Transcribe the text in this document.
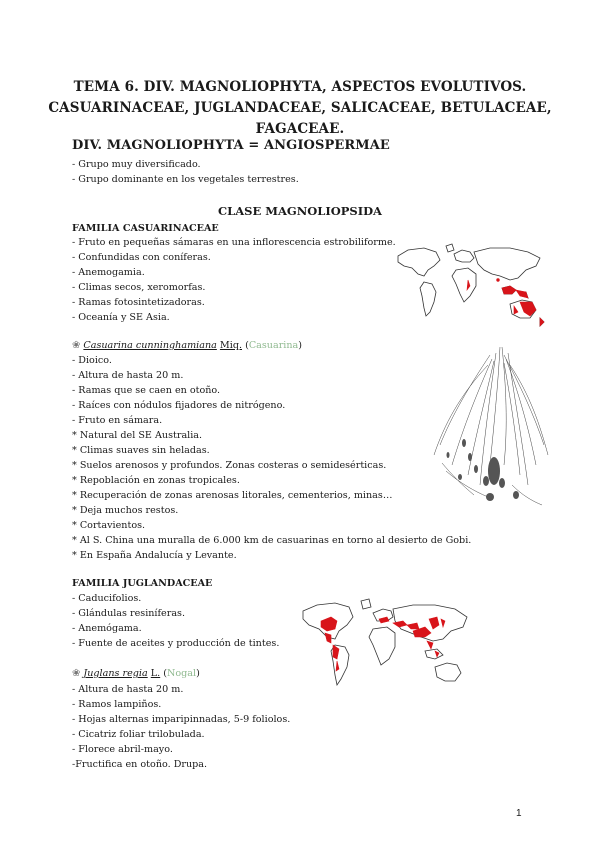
TEMA 6. DIV. MAGNOLIOPHYTA, ASPECTOS EVOLUTIVOS.
CASUARINACEAE, JUGLANDACEAE, SALICACEAE, BETULACEAE,
FAGACEAE.
DIV. MAGNOLIOPHYTA = ANGIOSPERMAE
- Grupo muy diversificado.
- Grupo dominante en los vegetales terrestres.
CLASE MAGNOLIOPSIDA
FAMILIA CASUARINACEAE
- Fruto en pequeñas sámaras en una inflorescencia estrobiliforme.
- Confundidas con coníferas.
- Anemogamia.
- Climas secos, xeromorfas.
- Ramas fotosintetizadoras.
- Oceanía y SE Asia.
❀ Casuarina cunninghamiana Miq. (Casuarina)
- Dioico.
- Altura de hasta 20 m.
- Ramas que se caen en otoño.
- Raíces con nódulos fijadores de nitrógeno.
- Fruto en sámara.
* Natural del SE Australia.
* Climas suaves sin heladas.
* Suelos arenosos y profundos. Zonas costeras o semidesérticas.
* Repoblación en zonas tropicales.
* Recuperación de zonas arenosas litorales, cementerios, minas…
* Deja muchos restos.
* Cortavientos.
* Al S. China una muralla de 6.000 km de casuarinas en torno al desierto de Gobi.
* En España Andalucía y Levante.
FAMILIA JUGLANDACEAE
- Caducifolios.
- Glándulas resiníferas.
- Anemógama.
- Fuente de aceites y producción de tintes.
❀ Juglans regia L. (Nogal)
- Altura de hasta 20 m.
- Ramos lampiños.
- Hojas alternas imparipinnadas, 5-9 foliolos.
- Cicatriz foliar trilobulada.
- Florece abril-mayo.
-Fructifica en otoño. Drupa.
1
